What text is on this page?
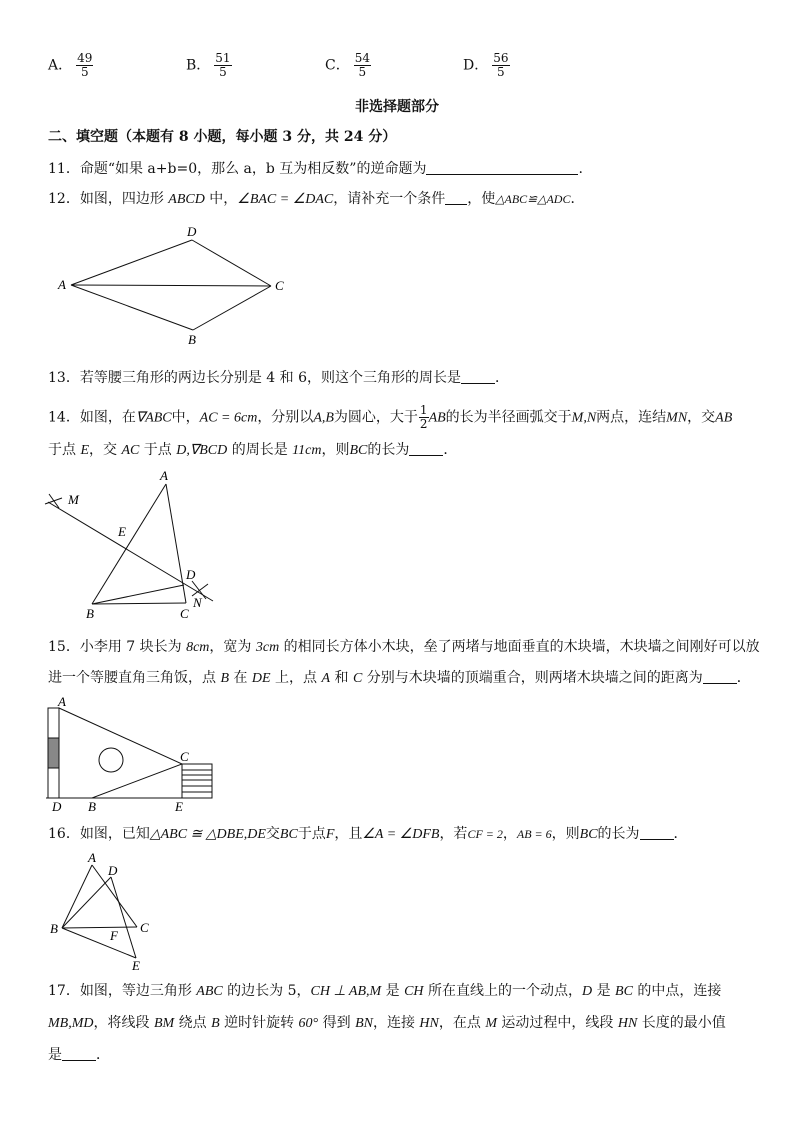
A． $\frac{49}{5}$	B． $\frac{51}{5}$	C． $\frac{54}{5}$	D． $\frac{56}{5}$
非选择题部分
二、填空题（本题有 8 小题，每小题 3 分，共 24 分）
11．命题“如果 a+b=0，那么 a，b 互为相反数”的逆命题为	.
12．如图，四边形 ABCD 中，∠BAC = ∠DAC，请补充一个条件 ，使△ABC≌△ADC．
D
A	C
B
13．若等腰三角形的两边长分别是 4 和 6，则这个三角形的周长是 ．
14．如图，在∇ABC中，AC = 6cm，分别以A,B为圆心，大于 $\frac{1}{2}$ AB的长为半径画弧交于M,N两点，连结MN，交AB
于点 E，交 AC 于点 D,∇BCD 的周长是 11cm，则BC的长为 ．
A
M
E
D
N
B	C
15．小李用 7 块长为 8cm，宽为 3cm 的相同长方体小木块，垒了两堵与地面垂直的木块墙，木块墙之间刚好可以放
进一个等腰直角三角饭，点 B 在 DE 上，点 A 和 C 分别与木块墙的顶端重合，则两堵木块墙之间的距离为 ．
A
C
D B	E
16．如图，已知△ABC ≅ △DBE,DE交BC于点F，且∠A = ∠DFB，若CF = 2，AB = 6，则BC的长为 ．
A
D
B	C
F
E
17．如图，等边三角形 ABC 的边长为 5，CH ⊥ AB,M 是 CH 所在直线上的一个动点，D 是 BC 的中点，连接
MB,MD，将线段 BM 绕点 B 逆时针旋转 60° 得到 BN，连接 HN，在点 M 运动过程中，线段 HN 长度的最小值
是 ．
